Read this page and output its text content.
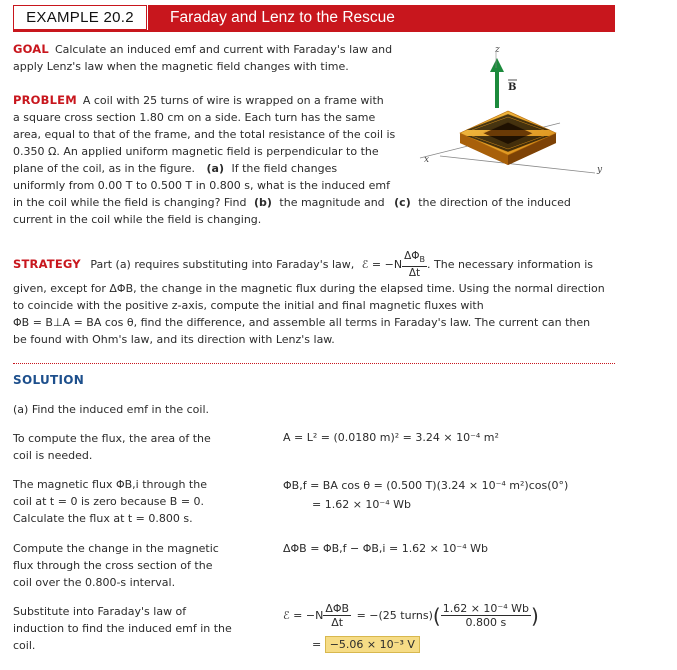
EXAMPLE 20.2	Faraday and Lenz to the Rescue
GOAL Calculate an induced emf and current with Faraday's law and
apply Lenz's law when the magnetic field changes with time.
PROBLEM A coil with 25 turns of wire is wrapped on a frame with
a square cross section 1.80 cm on a side. Each turn has the same
area, equal to that of the frame, and the total resistance of the coil is
0.350 Ω. An applied uniform magnetic field is perpendicular to the
plane of the coil, as in the figure. (a) If the field changes
uniformly from 0.00 T to 0.500 T in 0.800 s, what is the induced emf
in the coil while the field is changing? Find (b) the magnitude and (c) the direction of the induced
current in the coil while the field is changing.
z
x
y
B
STRATEGY Part (a) requires substituting into Faraday's law, ℰ = $-N \frac{\Delta\Phi_B}{\Delta t}$ . The necessary information is
given, except for ΔΦB, the change in the magnetic flux during the elapsed time. Using the normal direction
to coincide with the positive z-axis, compute the initial and final magnetic fluxes with
ΦB = B⊥A = BA cos θ, find the difference, and assemble all terms in Faraday's law. The current can then
be found with Ohm's law, and its direction with Lenz's law.
SOLUTION
(a) Find the induced emf in the coil.
To compute the flux, the area of the
coil is needed.
A = L² = (0.0180 m)² = 3.24 × 10⁻⁴ m²
The magnetic flux ΦB,i through the
coil at t = 0 is zero because B = 0.
Calculate the flux at t = 0.800 s.
ΦB,f = BA cos θ = (0.500 T)(3.24 × 10⁻⁴ m²)cos(0°)
= 1.62 × 10⁻⁴ Wb
Compute the change in the magnetic
flux through the cross section of the
coil over the 0.800-s interval.
ΔΦB = ΦB,f − ΦB,i = 1.62 × 10⁻⁴ Wb
Substitute into Faraday's law of
induction to find the induced emf in the
coil.
ℰ = $-N \frac{\text{ΔΦB}}{\Delta t} = -(25$ turns)( $\frac{\text{1.62 × 10⁻⁴ Wb}}{0.800 s}$ )
= −5.06 × 10⁻³ V
